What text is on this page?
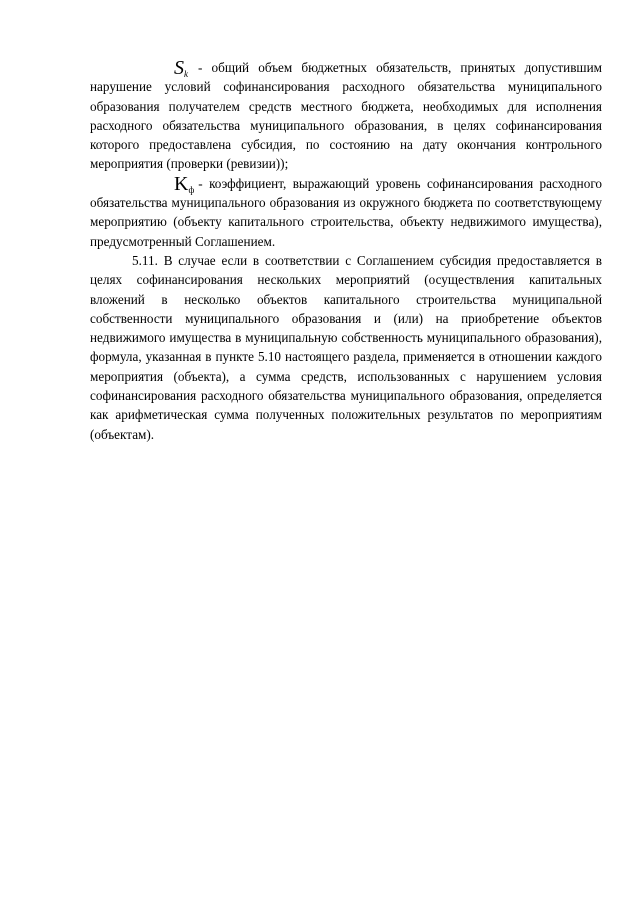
$S_k$ - общий объем бюджетных обязательств, принятых допустившим нарушение условий софинансирования расходного обязательства муниципального образования получателем средств местного бюджета, необходимых для исполнения расходного обязательства муниципального образования, в целях софинансирования которого предоставлена субсидия, по состоянию на дату окончания контрольного мероприятия (проверки (ревизии));

$K_ф$ - коэффициент, выражающий уровень софинансирования расходного обязательства муниципального образования из окружного бюджета по соответствующему мероприятию (объекту капитального строительства, объекту недвижимого имущества), предусмотренный Соглашением.

5.11. В случае если в соответствии с Соглашением субсидия предоставляется в целях софинансирования нескольких мероприятий (осуществления капитальных вложений в несколько объектов капитального строительства муниципальной собственности муниципального образования и (или) на приобретение объектов недвижимого имущества в муниципальную собственность муниципального образования), формула, указанная в пункте 5.10 настоящего раздела, применяется в отношении каждого мероприятия (объекта), а сумма средств, использованных с нарушением условия софинансирования расходного обязательства муниципального образования, определяется как арифметическая сумма полученных положительных результатов по мероприятиям (объектам).
